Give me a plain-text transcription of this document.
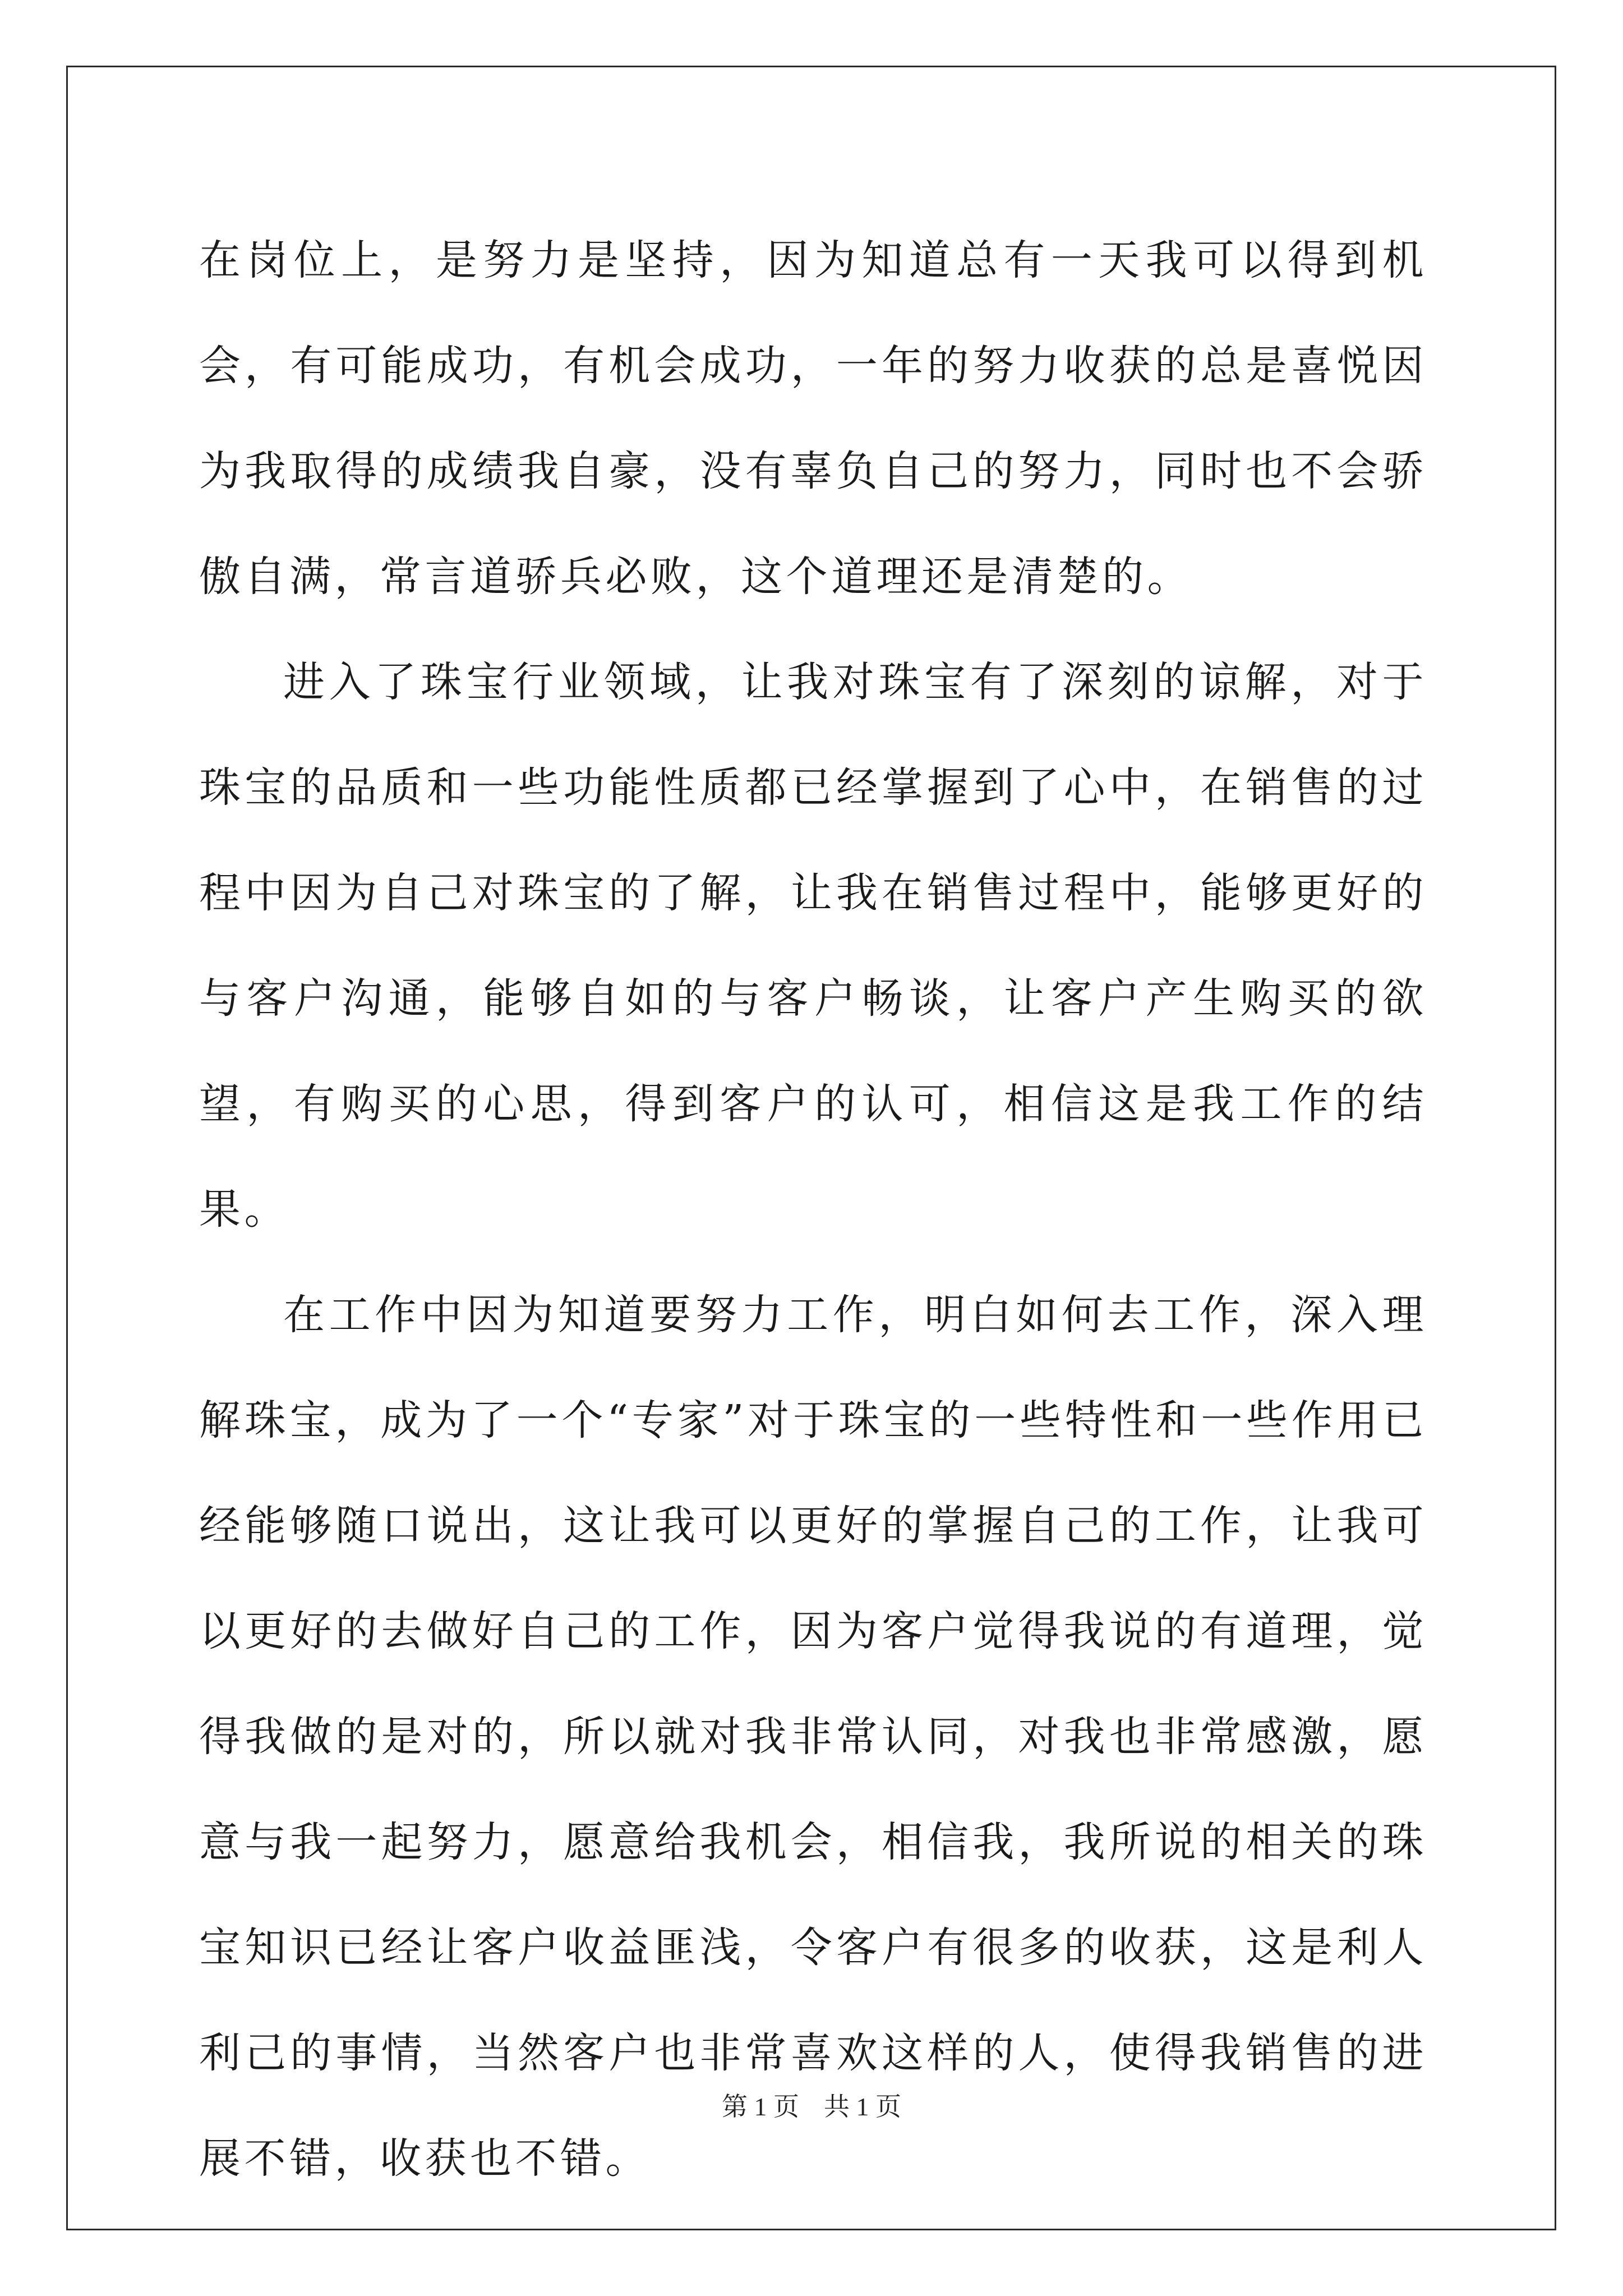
在岗位上，是努力是坚持，因为知道总有一天我可以得到机会，有可能成功，有机会成功，一年的努力收获的总是喜悦因为我取得的成绩我自豪，没有辜负自己的努力，同时也不会骄傲自满，常言道骄兵必败，这个道理还是清楚的。

进入了珠宝行业领域，让我对珠宝有了深刻的谅解，对于珠宝的品质和一些功能性质都已经掌握到了心中，在销售的过程中因为自己对珠宝的了解，让我在销售过程中，能够更好的与客户沟通，能够自如的与客户畅谈，让客户产生购买的欲望，有购买的心思，得到客户的认可，相信这是我工作的结果。

在工作中因为知道要努力工作，明白如何去工作，深入理解珠宝，成为了一个“专家”对于珠宝的一些特性和一些作用已经能够随口说出，这让我可以更好的掌握自己的工作，让我可以更好的去做好自己的工作，因为客户觉得我说的有道理，觉得我做的是对的，所以就对我非常认同，对我也非常感激，愿意与我一起努力，愿意给我机会，相信我，我所说的相关的珠宝知识已经让客户收益匪浅，令客户有很多的收获，这是利人利己的事情，当然客户也非常喜欢这样的人，使得我销售的进展不错，收获也不错。

第 1 页 共 1 页
